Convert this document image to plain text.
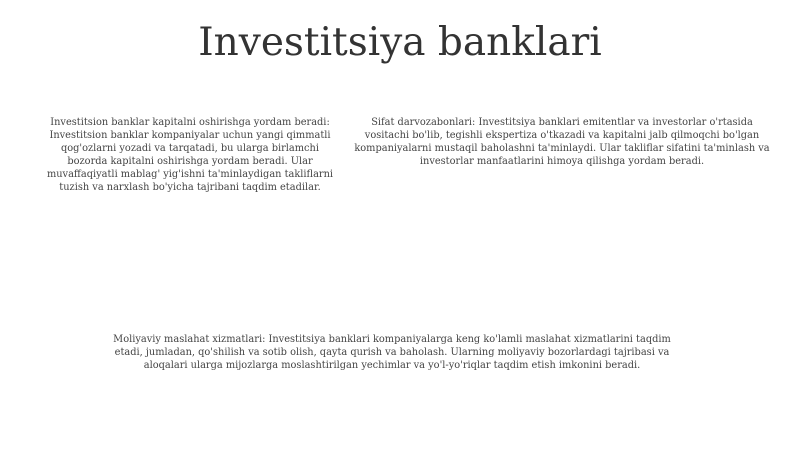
Investitsiya banklari

Investitsion banklar kapitalni oshirishga yordam beradi: Investitsion banklar kompaniyalar uchun yangi qimmatli qog'ozlarni yozadi va tarqatadi, bu ularga birlamchi bozorda kapitalni oshirishga yordam beradi. Ular muvaffaqiyatli mablag' yig'ishni ta'minlaydigan takliflarni tuzish va narxlash bo'yicha tajribani taqdim etadilar.

Sifat darvozabonlari: Investitsiya banklari emitentlar va investorlar o'rtasida vositachi bo'lib, tegishli ekspertiza o'tkazadi va kapitalni jalb qilmoqchi bo'lgan kompaniyalarni mustaqil baholashni ta'minlaydi. Ular takliflar sifatini ta'minlash va investorlar manfaatlarini himoya qilishga yordam beradi.

Moliyaviy maslahat xizmatlari: Investitsiya banklari kompaniyalarga keng ko'lamli maslahat xizmatlarini taqdim etadi, jumladan, qo'shilish va sotib olish, qayta qurish va baholash. Ularning moliyaviy bozorlardagi tajribasi va aloqalari ularga mijozlarga moslashtirilgan yechimlar va yo'l-yo'riqlar taqdim etish imkonini beradi.
